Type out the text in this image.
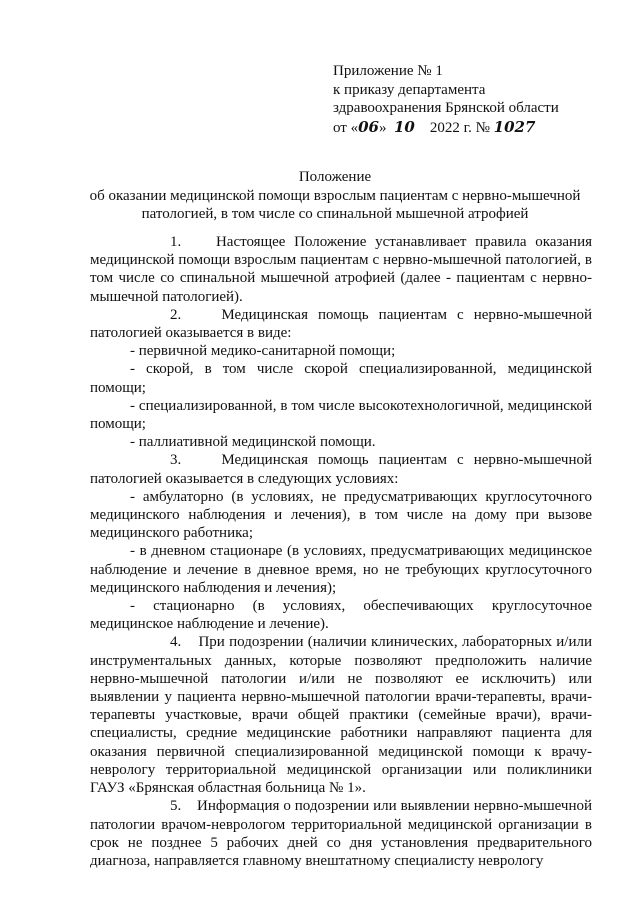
Приложение № 1
к приказу департамента
здравоохранения Брянской области
от «06» 10 2022 г. № 1027
Положение
об оказании медицинской помощи взрослым пациентам с нервно-мышечной
патологией, в том числе со спинальной мышечной атрофией

1. Настоящее Положение устанавливает правила оказания медицинской помощи взрослым пациентам с нервно-мышечной патологией, в том числе со спинальной мышечной атрофией (далее - пациентам с нервно-мышечной патологией).

2.	Медицинская помощь пациентам с нервно-мышечной патологией оказывается в виде:

- первичной медико-санитарной помощи;

- скорой, в том числе скорой специализированной, медицинской помощи;

- специализированной, в том числе высокотехнологичной, медицинской помощи;

- паллиативной медицинской помощи.

3.	Медицинская помощь пациентам с нервно-мышечной патологией оказывается в следующих условиях:

- амбулаторно (в условиях, не предусматривающих круглосуточного медицинского наблюдения и лечения), в том числе на дому при вызове медицинского работника;

- в дневном стационаре (в условиях, предусматривающих медицинское наблюдение и лечение в дневное время, но не требующих круглосуточного медицинского наблюдения и лечения);

- стационарно (в условиях, обеспечивающих круглосуточное медицинское наблюдение и лечение).

4. При подозрении (наличии клинических, лабораторных и/или инструментальных данных, которые позволяют предположить наличие нервно-мышечной патологии и/или не позволяют ее исключить) или выявлении у пациента нервно-мышечной патологии врачи-терапевты, врачи-терапевты участковые, врачи общей практики (семейные врачи), врачи-специалисты, средние медицинские работники направляют пациента для оказания первичной специализированной медицинской помощи к врачу-неврологу территориальной медицинской организации или поликлиники ГАУЗ «Брянская областная больница № 1».

5. Информация о подозрении или выявлении нервно-мышечной патологии врачом-неврологом территориальной медицинской организации в срок не позднее 5 рабочих дней со дня установления предварительного диагноза, направляется главному внештатному специалисту неврологу
